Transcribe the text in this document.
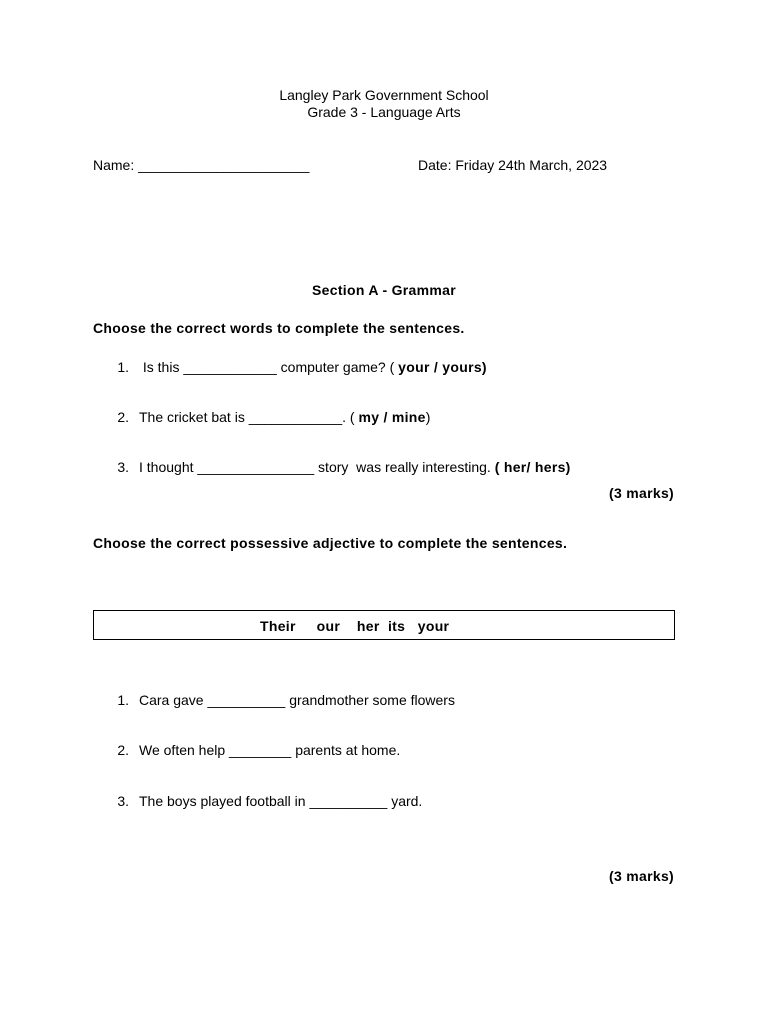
Langley Park Government School
Grade 3 - Language Arts
Name: ______________________	Date: Friday 24th March, 2023
Section A - Grammar
Choose the correct words to complete the sentences.
1. Is this ____________ computer game? ( your / yours)
2. The cricket bat is ____________. ( my / mine)
3. I thought _______________ story  was really interesting. ( her/ hers)
(3 marks)
Choose the correct possessive adjective to complete the sentences.
Their     our    her  its   your
1. Cara gave __________ grandmother some flowers
2. We often help ________ parents at home.
3. The boys played football in __________ yard.
(3 marks)
